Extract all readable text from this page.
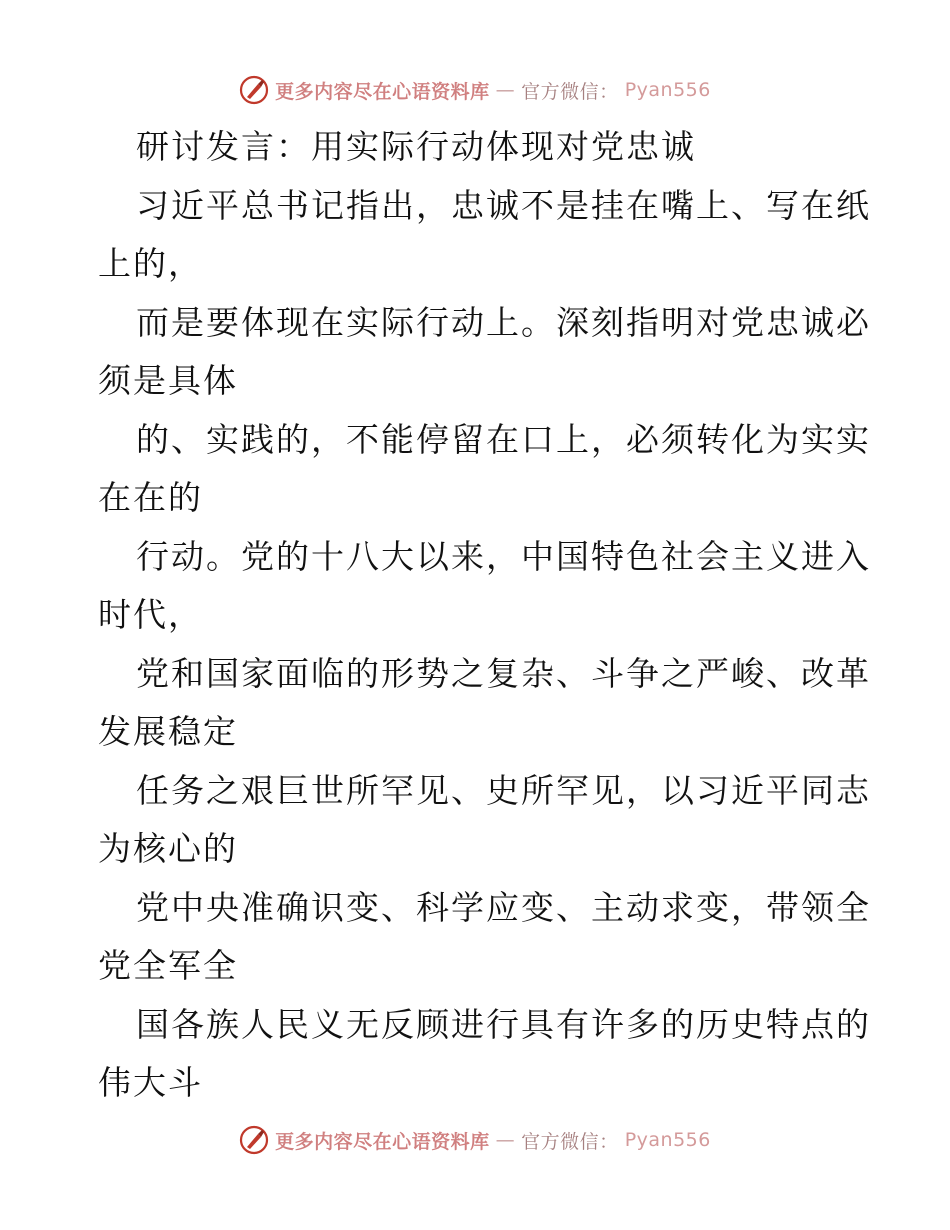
更多内容尽在心语资料库 — 官方微信： Pyan556
研讨发言：用实际行动体现对党忠诚
习近平总书记指出，忠诚不是挂在嘴上、写在纸
上的，
而是要体现在实际行动上。深刻指明对党忠诚必
须是具体
的、实践的，不能停留在口上，必须转化为实实
在在的
行动。党的十八大以来，中国特色社会主义进入
时代，
党和国家面临的形势之复杂、斗争之严峻、改革
发展稳定
任务之艰巨世所罕见、史所罕见，以习近平同志
为核心的
党中央准确识变、科学应变、主动求变，带领全
党全军全
国各族人民义无反顾进行具有许多的历史特点的
伟大斗
更多内容尽在心语资料库 — 官方微信： Pyan556
